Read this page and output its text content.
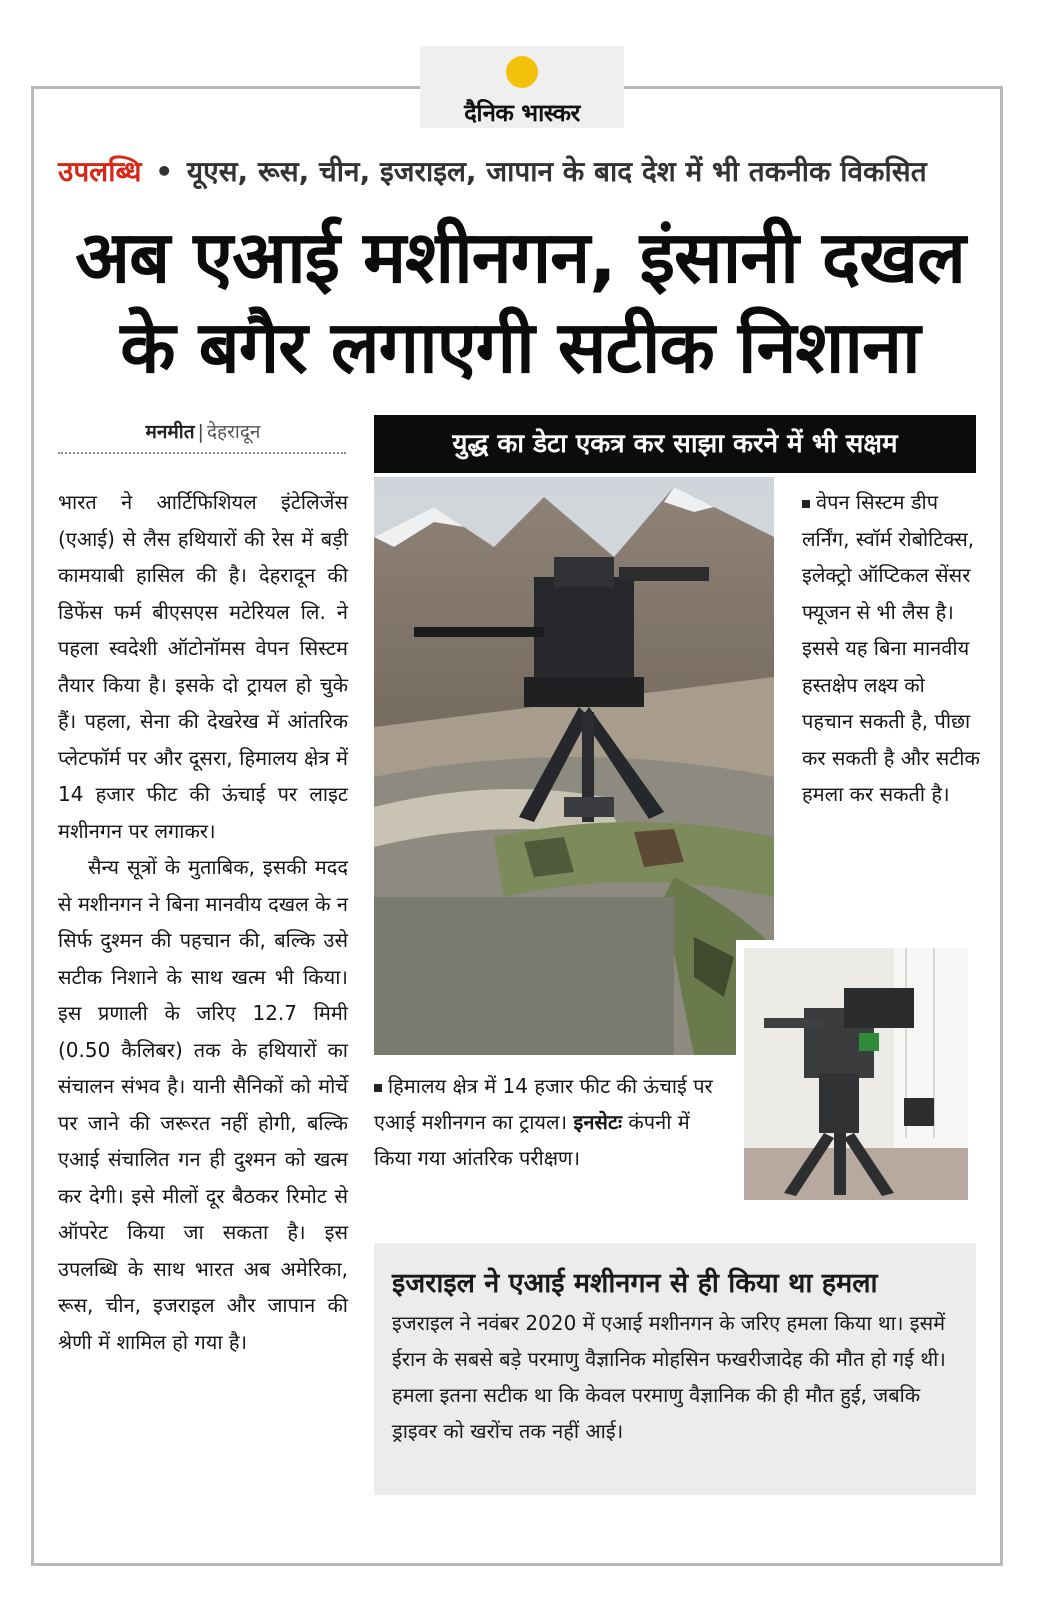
दैनिक भास्कर
उपलब्धि • यूएस, रूस, चीन, इजराइल, जापान के बाद देश में भी तकनीक विकसित
अब एआई मशीनगन, इंसानी दखल
के बगैर लगाएगी सटीक निशाना
मनमीत | देहरादून

भारत ने आर्टिफिशियल इंटेलिजेंस (एआई) से लैस हथियारों की रेस में बड़ी कामयाबी हासिल की है। देहरादून की डिफेंस फर्म बीएसएस मटेरियल लि. ने पहला स्वदेशी ऑटोनॉमस वेपन सिस्टम तैयार किया है। इसके दो ट्रायल हो चुके हैं। पहला, सेना की देखरेख में आंतरिक प्लेटफॉर्म पर और दूसरा, हिमालय क्षेत्र में 14 हजार फीट की ऊंचाई पर लाइट मशीनगन पर लगाकर।

सैन्य सूत्रों के मुताबिक, इसकी मदद से मशीनगन ने बिना मानवीय दखल के न सिर्फ दुश्मन की पहचान की, बल्कि उसे सटीक निशाने के साथ खत्म भी किया। इस प्रणाली के जरिए 12.7 मिमी (0.50 कैलिबर) तक के हथियारों का संचालन संभव है। यानी सैनिकों को मोर्चे पर जाने की जरूरत नहीं होगी, बल्कि एआई संचालित गन ही दुश्मन को खत्म कर देगी। इसे मीलों दूर बैठकर रिमोट से ऑपरेट किया जा सकता है। इस उपलब्धि के साथ भारत अब अमेरिका, रूस, चीन, इजराइल और जापान की श्रेणी में शामिल हो गया है।

युद्ध का डेटा एकत्र कर साझा करने में भी सक्षम
वेपन सिस्टम डीप लर्निंग, स्वॉर्म रोबोटिक्स, इलेक्ट्रो ऑप्टिकल सेंसर फ्यूजन से भी लैस है। इससे यह बिना मानवीय हस्तक्षेप लक्ष्य को पहचान सकती है, पीछा कर सकती है और सटीक हमला कर सकती है।
हिमालय क्षेत्र में 14 हजार फीट की ऊंचाई पर एआई मशीनगन का ट्रायल। इनसेटः कंपनी में किया गया आंतरिक परीक्षण।
इजराइल ने एआई मशीनगन से ही किया था हमला
इजराइल ने नवंबर 2020 में एआई मशीनगन के जरिए हमला किया था। इसमें ईरान के सबसे बड़े परमाणु वैज्ञानिक मोहसिन फखरीजादेह की मौत हो गई थी। हमला इतना सटीक था कि केवल परमाणु वैज्ञानिक की ही मौत हुई, जबकि ड्राइवर को खरोंच तक नहीं आई।
